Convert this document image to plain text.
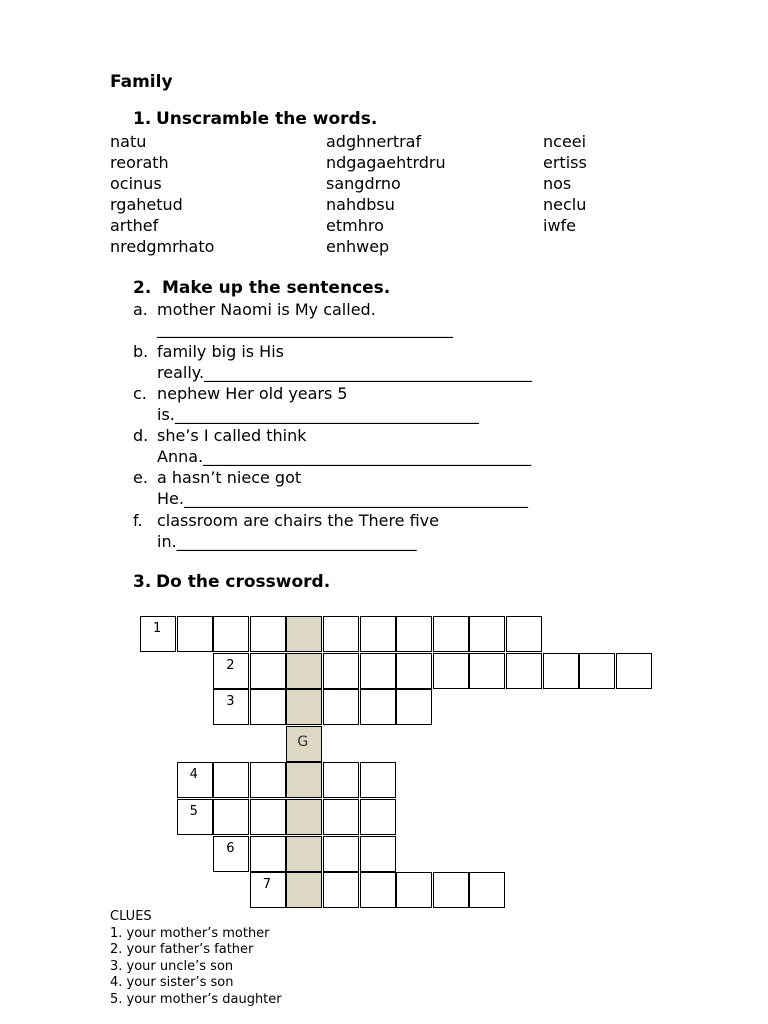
Family
1. Unscramble the words.
natu
reorath
ocinus
rgahetud
arthef
nredgmrhato
adghnertraf
ndgagaehtrdru
sangdrno
nahdbsu
etmhro
enhwep
nceei
ertiss
nos
neclu
iwfe
2. Make up the sentences.
a. mother Naomi is My called.
_____________________________________
b. family big is His
really._________________________________________
c. nephew Her old years 5
is.______________________________________
d. she’s I called think
Anna._________________________________________
e. a hasn’t niece got
He.___________________________________________
f. classroom are chairs the There five
in.______________________________
3. Do the crossword.
1
2
3
G
4
5
6
7
CLUES
1. your mother’s mother
2. your father’s father
3. your uncle’s son
4. your sister’s son
5. your mother’s daughter
